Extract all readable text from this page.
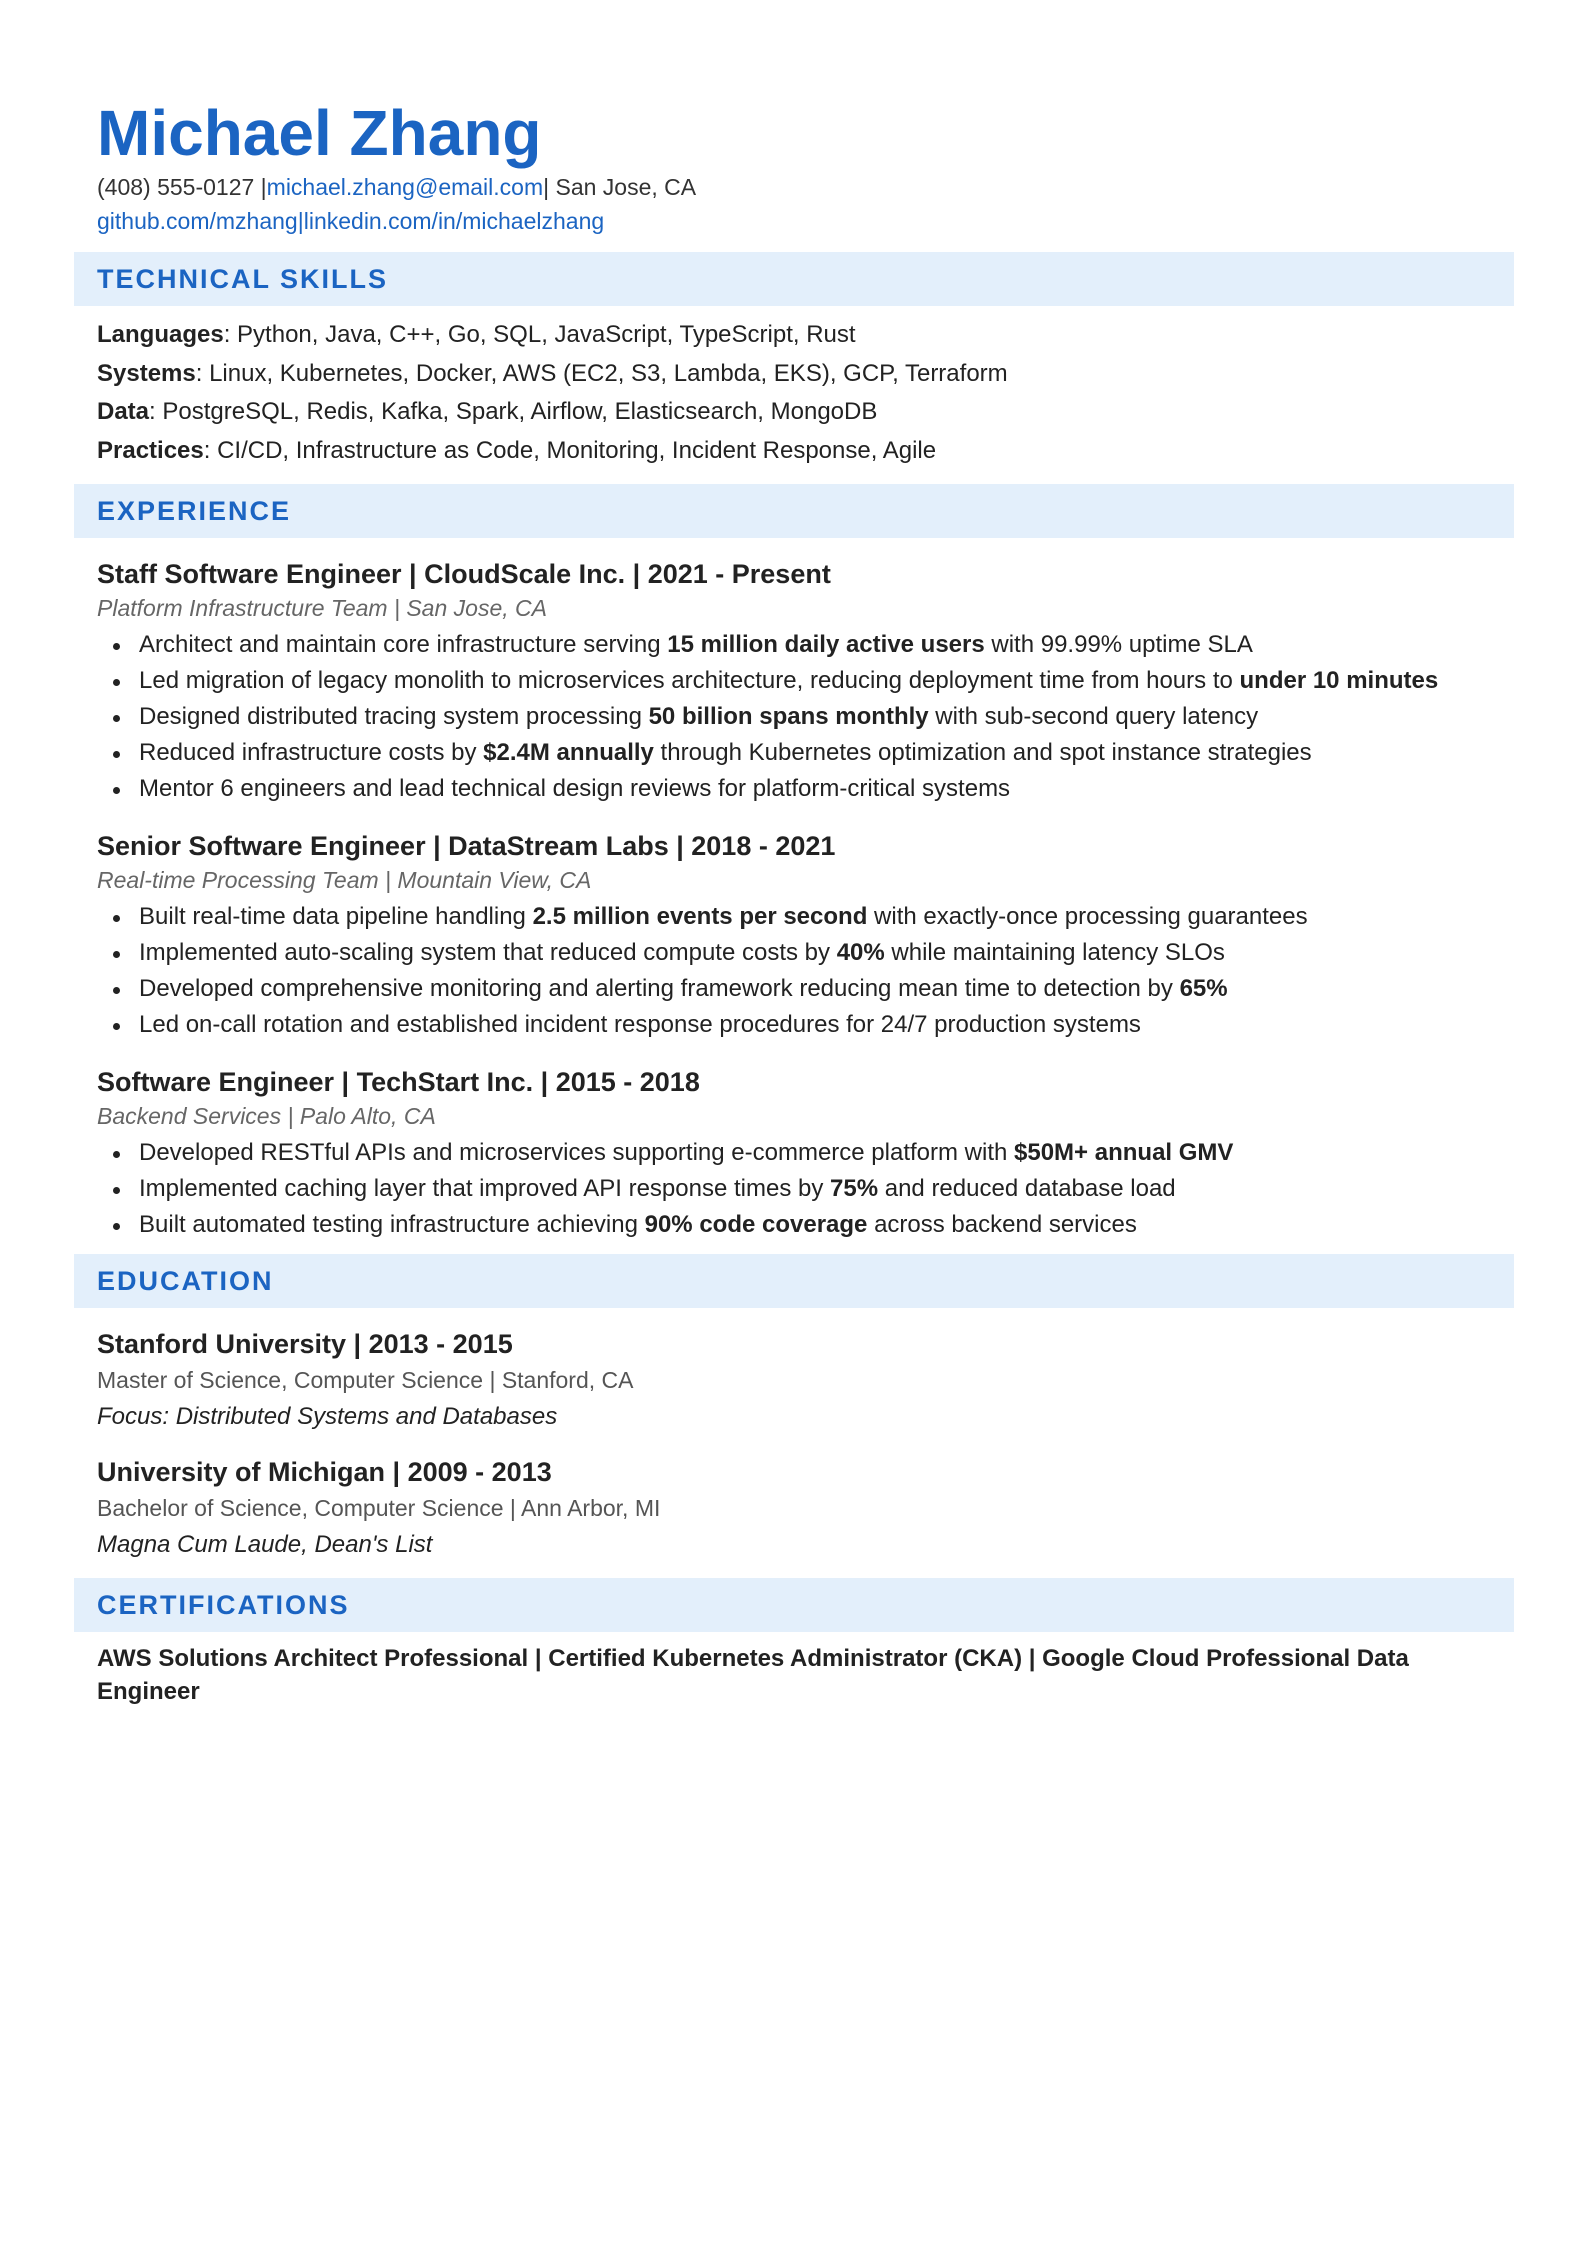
Michael Zhang
(408) 555-0127 |michael.zhang@email.com| San Jose, CA
github.com/mzhang|linkedin.com/in/michaelzhang
TECHNICAL SKILLS
Languages: Python, Java, C++, Go, SQL, JavaScript, TypeScript, Rust
Systems: Linux, Kubernetes, Docker, AWS (EC2, S3, Lambda, EKS), GCP, Terraform
Data: PostgreSQL, Redis, Kafka, Spark, Airflow, Elasticsearch, MongoDB
Practices: CI/CD, Infrastructure as Code, Monitoring, Incident Response, Agile
EXPERIENCE
Staff Software Engineer | CloudScale Inc. | 2021 - Present
Platform Infrastructure Team | San Jose, CA
Architect and maintain core infrastructure serving 15 million daily active users with 99.99% uptime SLA
Led migration of legacy monolith to microservices architecture, reducing deployment time from hours to under 10 minutes
Designed distributed tracing system processing 50 billion spans monthly with sub-second query latency
Reduced infrastructure costs by $2.4M annually through Kubernetes optimization and spot instance strategies
Mentor 6 engineers and lead technical design reviews for platform-critical systems
Senior Software Engineer | DataStream Labs | 2018 - 2021
Real-time Processing Team | Mountain View, CA
Built real-time data pipeline handling 2.5 million events per second with exactly-once processing guarantees
Implemented auto-scaling system that reduced compute costs by 40% while maintaining latency SLOs
Developed comprehensive monitoring and alerting framework reducing mean time to detection by 65%
Led on-call rotation and established incident response procedures for 24/7 production systems
Software Engineer | TechStart Inc. | 2015 - 2018
Backend Services | Palo Alto, CA
Developed RESTful APIs and microservices supporting e-commerce platform with $50M+ annual GMV
Implemented caching layer that improved API response times by 75% and reduced database load
Built automated testing infrastructure achieving 90% code coverage across backend services
EDUCATION
Stanford University | 2013 - 2015
Master of Science, Computer Science | Stanford, CA
Focus: Distributed Systems and Databases
University of Michigan | 2009 - 2013
Bachelor of Science, Computer Science | Ann Arbor, MI
Magna Cum Laude, Dean's List
CERTIFICATIONS
AWS Solutions Architect Professional | Certified Kubernetes Administrator (CKA) | Google Cloud Professional Data Engineer
